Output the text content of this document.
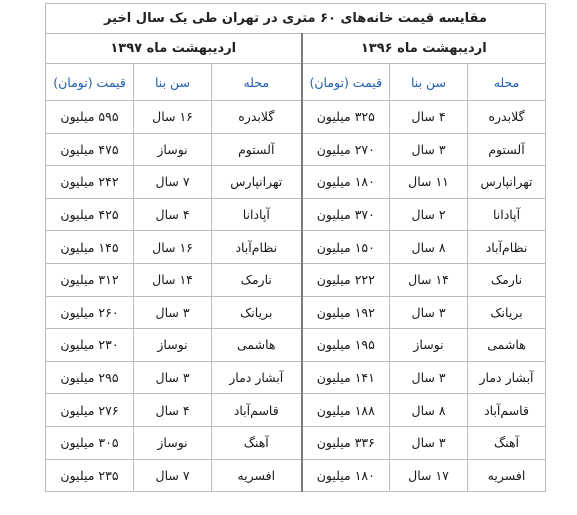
مقایسه قیمت خانه‌های ۶۰ متری در تهران طی یک سال اخیر					
اردیبهشت ماه ۱۳۹۶			اردیبهشت ماه ۱۳۹۷		
محله	سن بنا	قیمت (تومان)	محله	سن بنا	قیمت (تومان)
گلابدره	۴ سال	۳۲۵ میلیون	گلابدره	۱۶ سال	۵۹۵ میلیون
آلستوم	۳ سال	۲۷۰ میلیون	آلستوم	نوساز	۴۷۵ میلیون
تهرانپارس	۱۱ سال	۱۸۰ میلیون	تهرانپارس	۷ سال	۲۴۲ میلیون
آپادانا	۲ سال	۳۷۰ میلیون	آپادانا	۴ سال	۴۲۵ میلیون
نظام‌آباد	۸ سال	۱۵۰ میلیون	نظام‌آباد	۱۶ سال	۱۴۵ میلیون
نارمک	۱۴ سال	۲۲۲ میلیون	نارمک	۱۴ سال	۳۱۲ میلیون
بریانک	۳ سال	۱۹۲ میلیون	بریانک	۳ سال	۲۶۰ میلیون
هاشمی	نوساز	۱۹۵ میلیون	هاشمی	نوساز	۲۳۰ میلیون
آبشار دمار	۳ سال	۱۴۱ میلیون	آبشار دمار	۳ سال	۲۹۵ میلیون
قاسم‌آباد	۸ سال	۱۸۸ میلیون	قاسم‌آباد	۴ سال	۲۷۶ میلیون
آهنگ	۳ سال	۳۳۶ میلیون	آهنگ	نوساز	۳۰۵ میلیون
افسریه	۱۷ سال	۱۸۰ میلیون	افسریه	۷ سال	۲۳۵ میلیون
